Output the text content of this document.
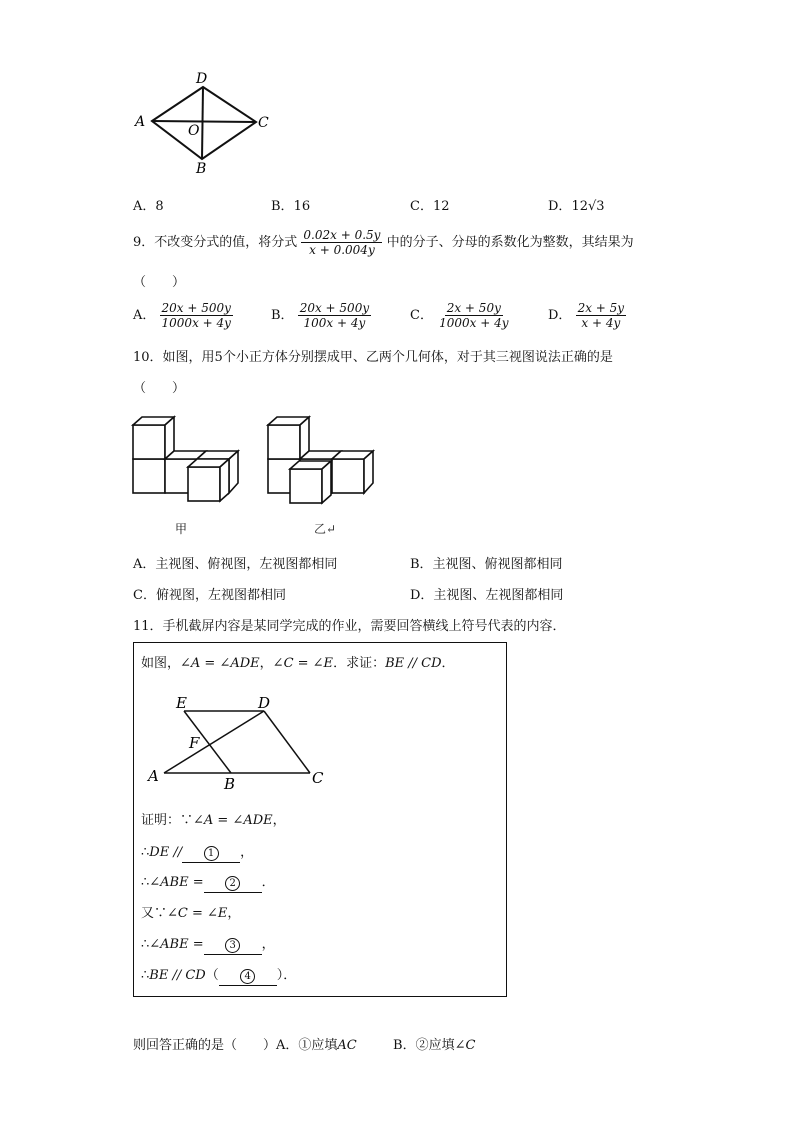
D
A
O	C
B
A．8	B．16	C．12	D．12√3
9．不改变分式的值，将分式 $\frac{0.02x + 0.5y}{x + 0.004y}$ 中的分子、分母的系数化为整数，其结果为
（　　）
A． $\frac{20x + 500y}{1000x + 4y}$	B． $\frac{20x + 500y}{100x + 4y}$	C． $\frac{2x + 50y}{1000x + 4y}$	D． $\frac{2x + 5y}{x + 4y}$
10．如图，用5个小正方体分别摆成甲、乙两个几何体，对于其三视图说法正确的是
（　　）
甲	乙↵
A．主视图、俯视图，左视图都相同	B．主视图、俯视图都相同
C．俯视图，左视图都相同	D．主视图、左视图都相同
11．手机截屏内容是某同学完成的作业，需要回答横线上符号代表的内容．
如图，∠A = ∠ADE，∠C = ∠E．求证：BE // CD．
E	D
F
A	B	C
证明：∵∠A = ∠ADE，
∴DE //	1 ，
∴∠ABE =	2 ．
又∵∠C = ∠E，
∴∠ABE =	3 ，
∴BE // CD（	4 ）．
则回答正确的是（　　）A．①应填AC	B．②应填∠C
